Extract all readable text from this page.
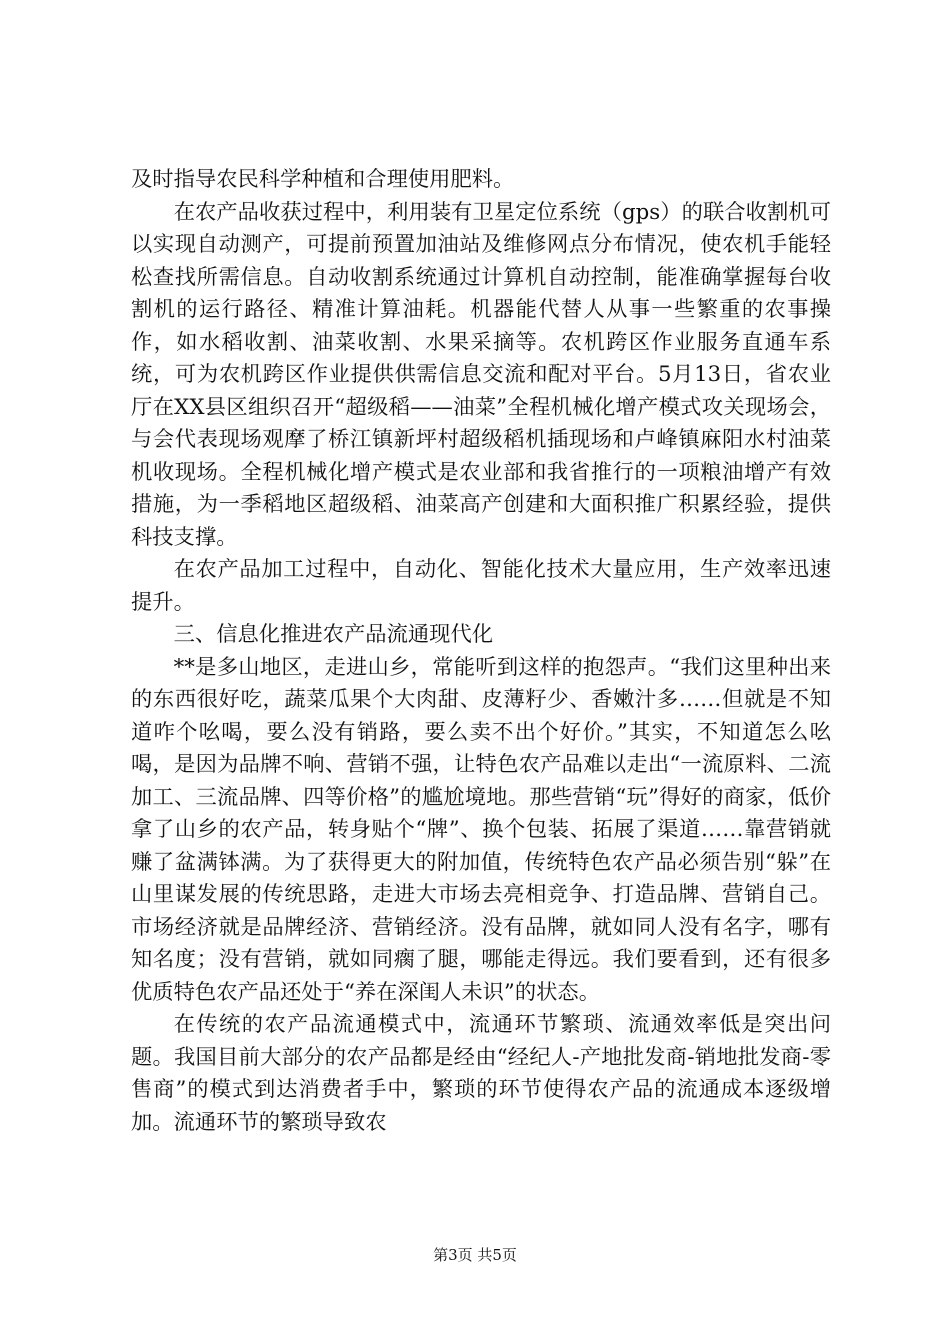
及时指导农民科学种植和合理使用肥料。

在农产品收获过程中，利用装有卫星定位系统（gps）的联合收割机可以实现自动测产，可提前预置加油站及维修网点分布情况，使农机手能轻松查找所需信息。自动收割系统通过计算机自动控制，能准确掌握每台收割机的运行路径、精准计算油耗。机器能代替人从事一些繁重的农事操作，如水稻收割、油菜收割、水果采摘等。农机跨区作业服务直通车系统，可为农机跨区作业提供供需信息交流和配对平台。5月13日，省农业厅在XX县区组织召开“超级稻——油菜”全程机械化增产模式攻关现场会，与会代表现场观摩了桥江镇新坪村超级稻机插现场和卢峰镇麻阳水村油菜机收现场。全程机械化增产模式是农业部和我省推行的一项粮油增产有效措施，为一季稻地区超级稻、油菜高产创建和大面积推广积累经验，提供科技支撑。

在农产品加工过程中，自动化、智能化技术大量应用，生产效率迅速提升。

三、信息化推进农产品流通现代化

**是多山地区，走进山乡，常能听到这样的抱怨声。“我们这里种出来的东西很好吃，蔬菜瓜果个大肉甜、皮薄籽少、香嫩汁多……但就是不知道咋个吆喝，要么没有销路，要么卖不出个好价。”其实，不知道怎么吆喝，是因为品牌不响、营销不强，让特色农产品难以走出“一流原料、二流加工、三流品牌、四等价格”的尴尬境地。那些营销“玩”得好的商家，低价拿了山乡的农产品，转身贴个“牌”、换个包装、拓展了渠道……靠营销就赚了盆满钵满。为了获得更大的附加值，传统特色农产品必须告别“躲”在山里谋发展的传统思路，走进大市场去亮相竞争、打造品牌、营销自己。市场经济就是品牌经济、营销经济。没有品牌，就如同人没有名字，哪有知名度；没有营销，就如同瘸了腿，哪能走得远。我们要看到，还有很多优质特色农产品还处于“养在深闺人未识”的状态。

在传统的农产品流通模式中，流通环节繁琐、流通效率低是突出问题。我国目前大部分的农产品都是经由“经纪人-产地批发商-销地批发商-零售商”的模式到达消费者手中，繁琐的环节使得农产品的流通成本逐级增加。流通环节的繁琐导致农

第3页 共5页
